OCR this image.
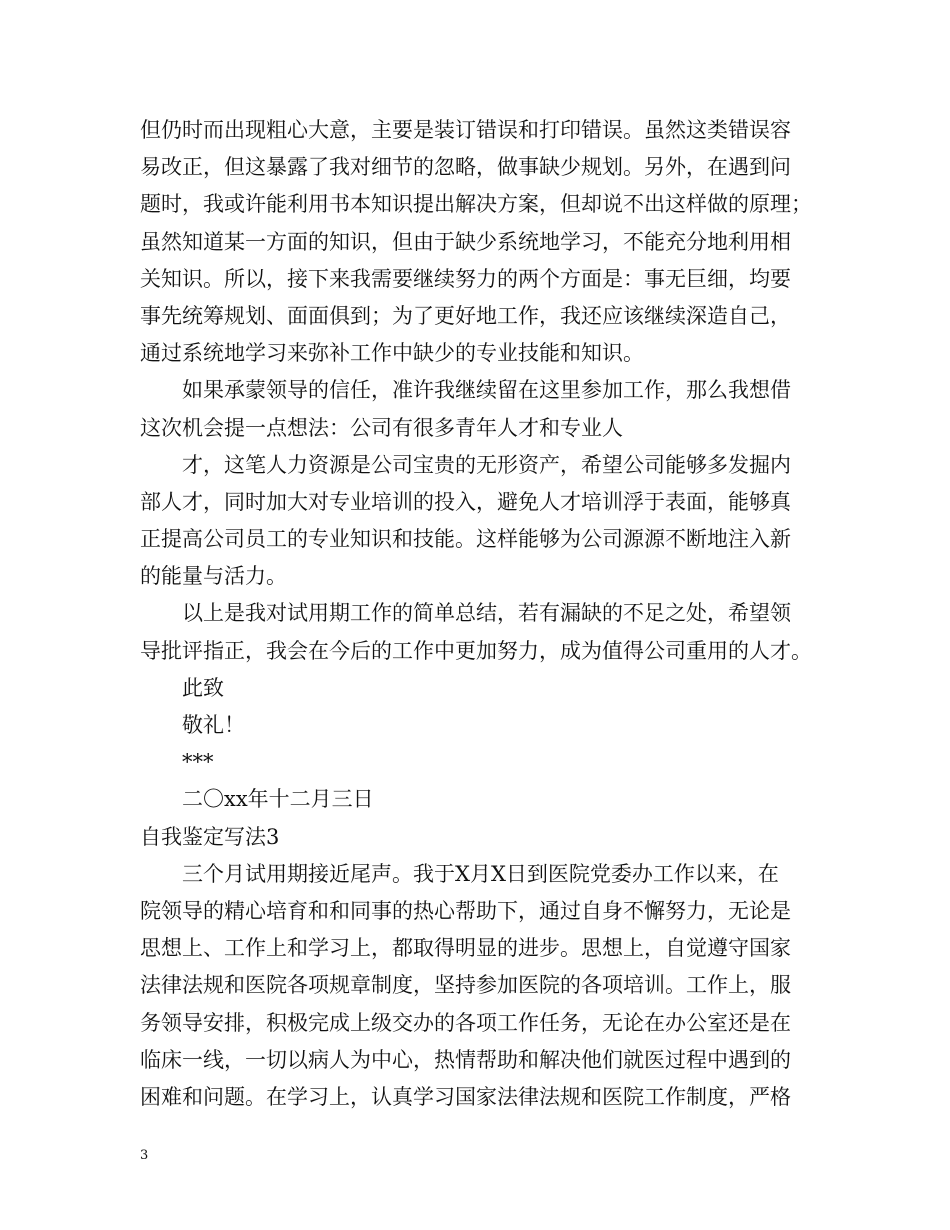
但仍时而出现粗心大意，主要是装订错误和打印错误。虽然这类错误容
易改正，但这暴露了我对细节的忽略，做事缺少规划。另外，在遇到问
题时，我或许能利用书本知识提出解决方案，但却说不出这样做的原理；
虽然知道某一方面的知识，但由于缺少系统地学习，不能充分地利用相
关知识。所以，接下来我需要继续努力的两个方面是：事无巨细，均要
事先统筹规划、面面俱到；为了更好地工作，我还应该继续深造自己，
通过系统地学习来弥补工作中缺少的专业技能和知识。
如果承蒙领导的信任，准许我继续留在这里参加工作，那么我想借
这次机会提一点想法：公司有很多青年人才和专业人
才，这笔人力资源是公司宝贵的无形资产，希望公司能够多发掘内
部人才，同时加大对专业培训的投入，避免人才培训浮于表面，能够真
正提高公司员工的专业知识和技能。这样能够为公司源源不断地注入新
的能量与活力。
以上是我对试用期工作的简单总结，若有漏缺的不足之处，希望领
导批评指正，我会在今后的工作中更加努力，成为值得公司重用的人才。
此致
敬礼！
***
二〇xx年十二月三日
自我鉴定写法3
三个月试用期接近尾声。我于X月X日到医院党委办工作以来，在
院领导的精心培育和和同事的热心帮助下，通过自身不懈努力，无论是
思想上、工作上和学习上，都取得明显的进步。思想上，自觉遵守国家
法律法规和医院各项规章制度，坚持参加医院的各项培训。工作上，服
务领导安排，积极完成上级交办的各项工作任务，无论在办公室还是在
临床一线，一切以病人为中心，热情帮助和解决他们就医过程中遇到的
困难和问题。在学习上，认真学习国家法律法规和医院工作制度，严格
3
